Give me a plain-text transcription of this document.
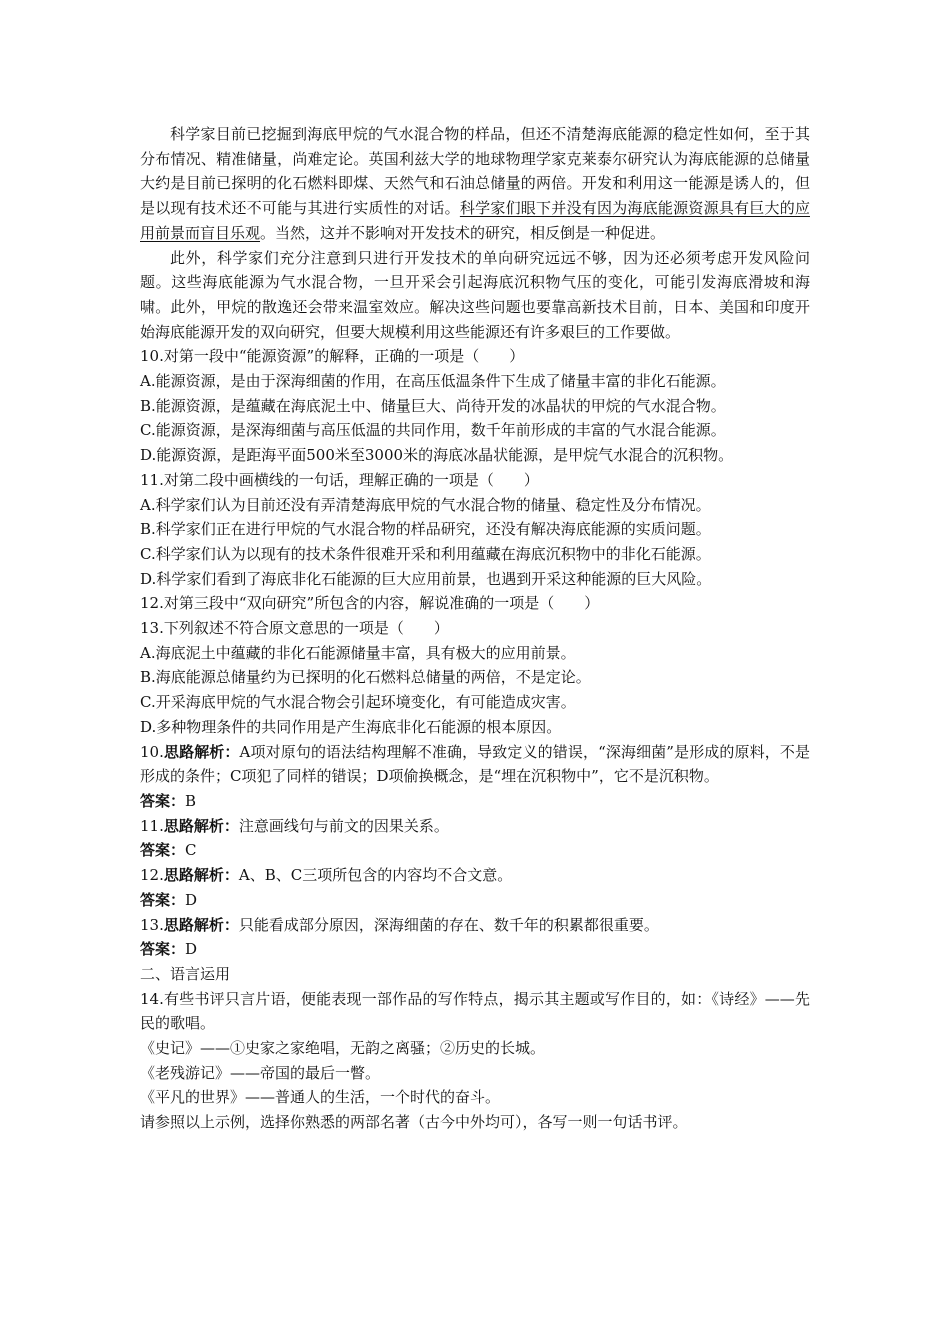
科学家目前已挖掘到海底甲烷的气水混合物的样品，但还不清楚海底能源的稳定性如何，至于其分布情况、精准储量，尚难定论。英国利兹大学的地球物理学家克莱泰尔研究认为海底能源的总储量大约是目前已探明的化石燃料即煤、天然气和石油总储量的两倍。开发和利用这一能源是诱人的，但是以现有技术还不可能与其进行实质性的对话。科学家们眼下并没有因为海底能源资源具有巨大的应用前景而盲目乐观。当然，这并不影响对开发技术的研究，相反倒是一种促进。

此外，科学家们充分注意到只进行开发技术的单向研究远远不够，因为还必须考虑开发风险问题。这些海底能源为气水混合物，一旦开采会引起海底沉积物气压的变化，可能引发海底滑坡和海啸。此外，甲烷的散逸还会带来温室效应。解决这些问题也要靠高新技术目前，日本、美国和印度开始海底能源开发的双向研究，但要大规模利用这些能源还有许多艰巨的工作要做。

10.对第一段中“能源资源”的解释，正确的一项是（　　）

A.能源资源，是由于深海细菌的作用，在高压低温条件下生成了储量丰富的非化石能源。

B.能源资源，是蕴藏在海底泥土中、储量巨大、尚待开发的冰晶状的甲烷的气水混合物。

C.能源资源，是深海细菌与高压低温的共同作用，数千年前形成的丰富的气水混合能源。

D.能源资源，是距海平面500米至3000米的海底冰晶状能源，是甲烷气水混合的沉积物。

11.对第二段中画横线的一句话，理解正确的一项是（　　）

A.科学家们认为目前还没有弄清楚海底甲烷的气水混合物的储量、稳定性及分布情况。

B.科学家们正在进行甲烷的气水混合物的样品研究，还没有解决海底能源的实质问题。

C.科学家们认为以现有的技术条件很难开采和利用蕴藏在海底沉积物中的非化石能源。

D.科学家们看到了海底非化石能源的巨大应用前景，也遇到开采这种能源的巨大风险。

12.对第三段中“双向研究”所包含的内容，解说准确的一项是（　　）

13.下列叙述不符合原文意思的一项是（　　）

A.海底泥土中蕴藏的非化石能源储量丰富，具有极大的应用前景。

B.海底能源总储量约为已探明的化石燃料总储量的两倍，不是定论。

C.开采海底甲烷的气水混合物会引起环境变化，有可能造成灾害。

D.多种物理条件的共同作用是产生海底非化石能源的根本原因。

10.思路解析：A项对原句的语法结构理解不准确，导致定义的错误，“深海细菌”是形成的原料，不是形成的条件；C项犯了同样的错误；D项偷换概念，是“埋在沉积物中”，它不是沉积物。

答案：B

11.思路解析：注意画线句与前文的因果关系。

答案：C

12.思路解析：A、B、C三项所包含的内容均不合文意。

答案：D

13.思路解析：只能看成部分原因，深海细菌的存在、数千年的积累都很重要。

答案：D

二、语言运用

14.有些书评只言片语，便能表现一部作品的写作特点，揭示其主题或写作目的，如：《诗经》——先民的歌唱。

《史记》——①史家之家绝唱，无韵之离骚；②历史的长城。

《老残游记》——帝国的最后一瞥。

《平凡的世界》——普通人的生活，一个时代的奋斗。

请参照以上示例，选择你熟悉的两部名著（古今中外均可），各写一则一句话书评。
